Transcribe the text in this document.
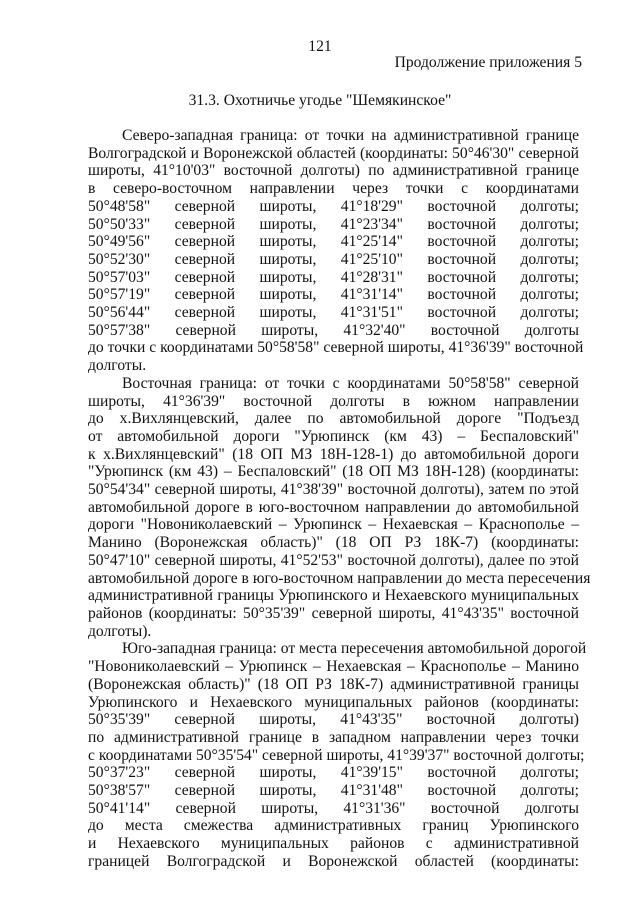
121
Продолжение приложения 5
31.3. Охотничье угодье "Шемякинское"

Северо-западная граница: от точки на административной границе
Волгоградской и Воронежской областей (координаты: 50°46'30" северной
широты, 41°10'03" восточной долготы) по административной границе
в северо-восточном направлении через точки с координатами
50°48'58" северной широты, 41°18'29" восточной долготы;
50°50'33" северной широты, 41°23'34" восточной долготы;
50°49'56" северной широты, 41°25'14" восточной долготы;
50°52'30" северной широты, 41°25'10" восточной долготы;
50°57'03" северной широты, 41°28'31" восточной долготы;
50°57'19" северной широты, 41°31'14" восточной долготы;
50°56'44" северной широты, 41°31'51" восточной долготы;
50°57'38" северной широты, 41°32'40" восточной долготы
до точки с координатами 50°58'58" северной широты, 41°36'39" восточной
долготы.

Восточная граница: от точки с координатами 50°58'58" северной
широты, 41°36'39" восточной долготы в южном направлении
до х.Вихлянцевский, далее по автомобильной дороге "Подъезд
от автомобильной дороги "Урюпинск (км 43) – Беспаловский"
к х.Вихлянцевский" (18 ОП МЗ 18Н-128-1) до автомобильной дороги
"Урюпинск (км 43) – Беспаловский" (18 ОП МЗ 18Н-128) (координаты:
50°54'34" северной широты, 41°38'39" восточной долготы), затем по этой
автомобильной дороге в юго-восточном направлении до автомобильной
дороги "Новониколаевский – Урюпинск – Нехаевская – Краснополье –
Манино (Воронежская область)" (18 ОП РЗ 18К-7) (координаты:
50°47'10" северной широты, 41°52'53" восточной долготы), далее по этой
автомобильной дороге в юго-восточном направлении до места пересечения
административной границы Урюпинского и Нехаевского муниципальных
районов (координаты: 50°35'39" северной широты, 41°43'35" восточной
долготы).

Юго-западная граница: от места пересечения автомобильной дорогой
"Новониколаевский – Урюпинск – Нехаевская – Краснополье – Манино
(Воронежская область)" (18 ОП РЗ 18К-7) административной границы
Урюпинского и Нехаевского муниципальных районов (координаты:
50°35'39" северной широты, 41°43'35" восточной долготы)
по административной границе в западном направлении через точки
с координатами 50°35'54" северной широты, 41°39'37" восточной долготы;
50°37'23" северной широты, 41°39'15" восточной долготы;
50°38'57" северной широты, 41°31'48" восточной долготы;
50°41'14" северной широты, 41°31'36" восточной долготы
до места смежества административных границ Урюпинского
и Нехаевского муниципальных районов с административной
границей Волгоградской и Воронежской областей (координаты:
